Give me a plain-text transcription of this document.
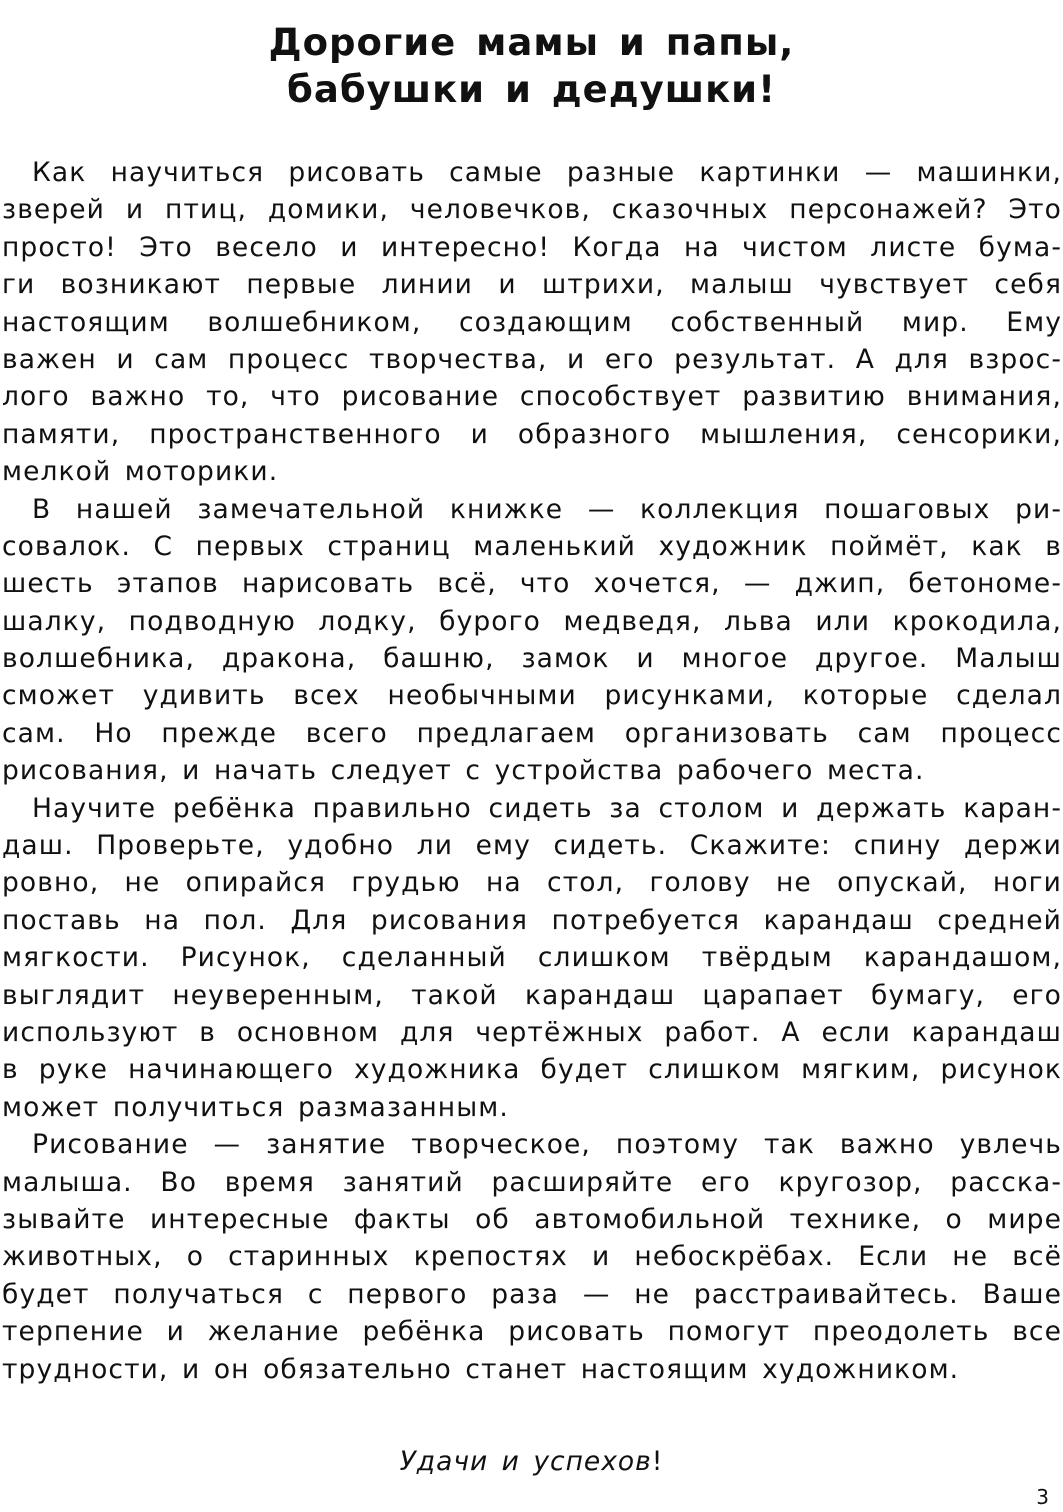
Дорогие мамы и папы,
бабушки и дедушки!

Как научиться рисовать самые разные картинки — машинки,
зверей и птиц, домики, человечков, сказочных персонажей? Это
просто! Это весело и интересно! Когда на чистом листе бума-
ги возникают первые линии и штрихи, малыш чувствует себя
настоящим волшебником, создающим собственный мир. Ему
важен и сам процесс творчества, и его результат. А для взрос-
лого важно то, что рисование способствует развитию внимания,
памяти, пространственного и образного мышления, сенсорики,
мелкой моторики.

В нашей замечательной книжке — коллекция пошаговых ри-
совалок. С первых страниц маленький художник поймёт, как в
шесть этапов нарисовать всё, что хочется, — джип, бетономе-
шалку, подводную лодку, бурого медведя, льва или крокодила,
волшебника, дракона, башню, замок и многое другое. Малыш
сможет удивить всех необычными рисунками, которые сделал
сам. Но прежде всего предлагаем организовать сам процесс
рисования, и начать следует с устройства рабочего места.

Научите ребёнка правильно сидеть за столом и держать каран-
даш. Проверьте, удобно ли ему сидеть. Скажите: спину держи
ровно, не опирайся грудью на стол, голову не опускай, ноги
поставь на пол. Для рисования потребуется карандаш средней
мягкости. Рисунок, сделанный слишком твёрдым карандашом,
выглядит неуверенным, такой карандаш царапает бумагу, его
используют в основном для чертёжных работ. А если карандаш
в руке начинающего художника будет слишком мягким, рисунок
может получиться размазанным.

Рисование — занятие творческое, поэтому так важно увлечь
малыша. Во время занятий расширяйте его кругозор, расска-
зывайте интересные факты об автомобильной технике, о мире
животных, о старинных крепостях и небоскрёбах. Если не всё
будет получаться с первого раза — не расстраивайтесь. Ваше
терпение и желание ребёнка рисовать помогут преодолеть все
трудности, и он обязательно станет настоящим художником.

Удачи и успехов!
3
